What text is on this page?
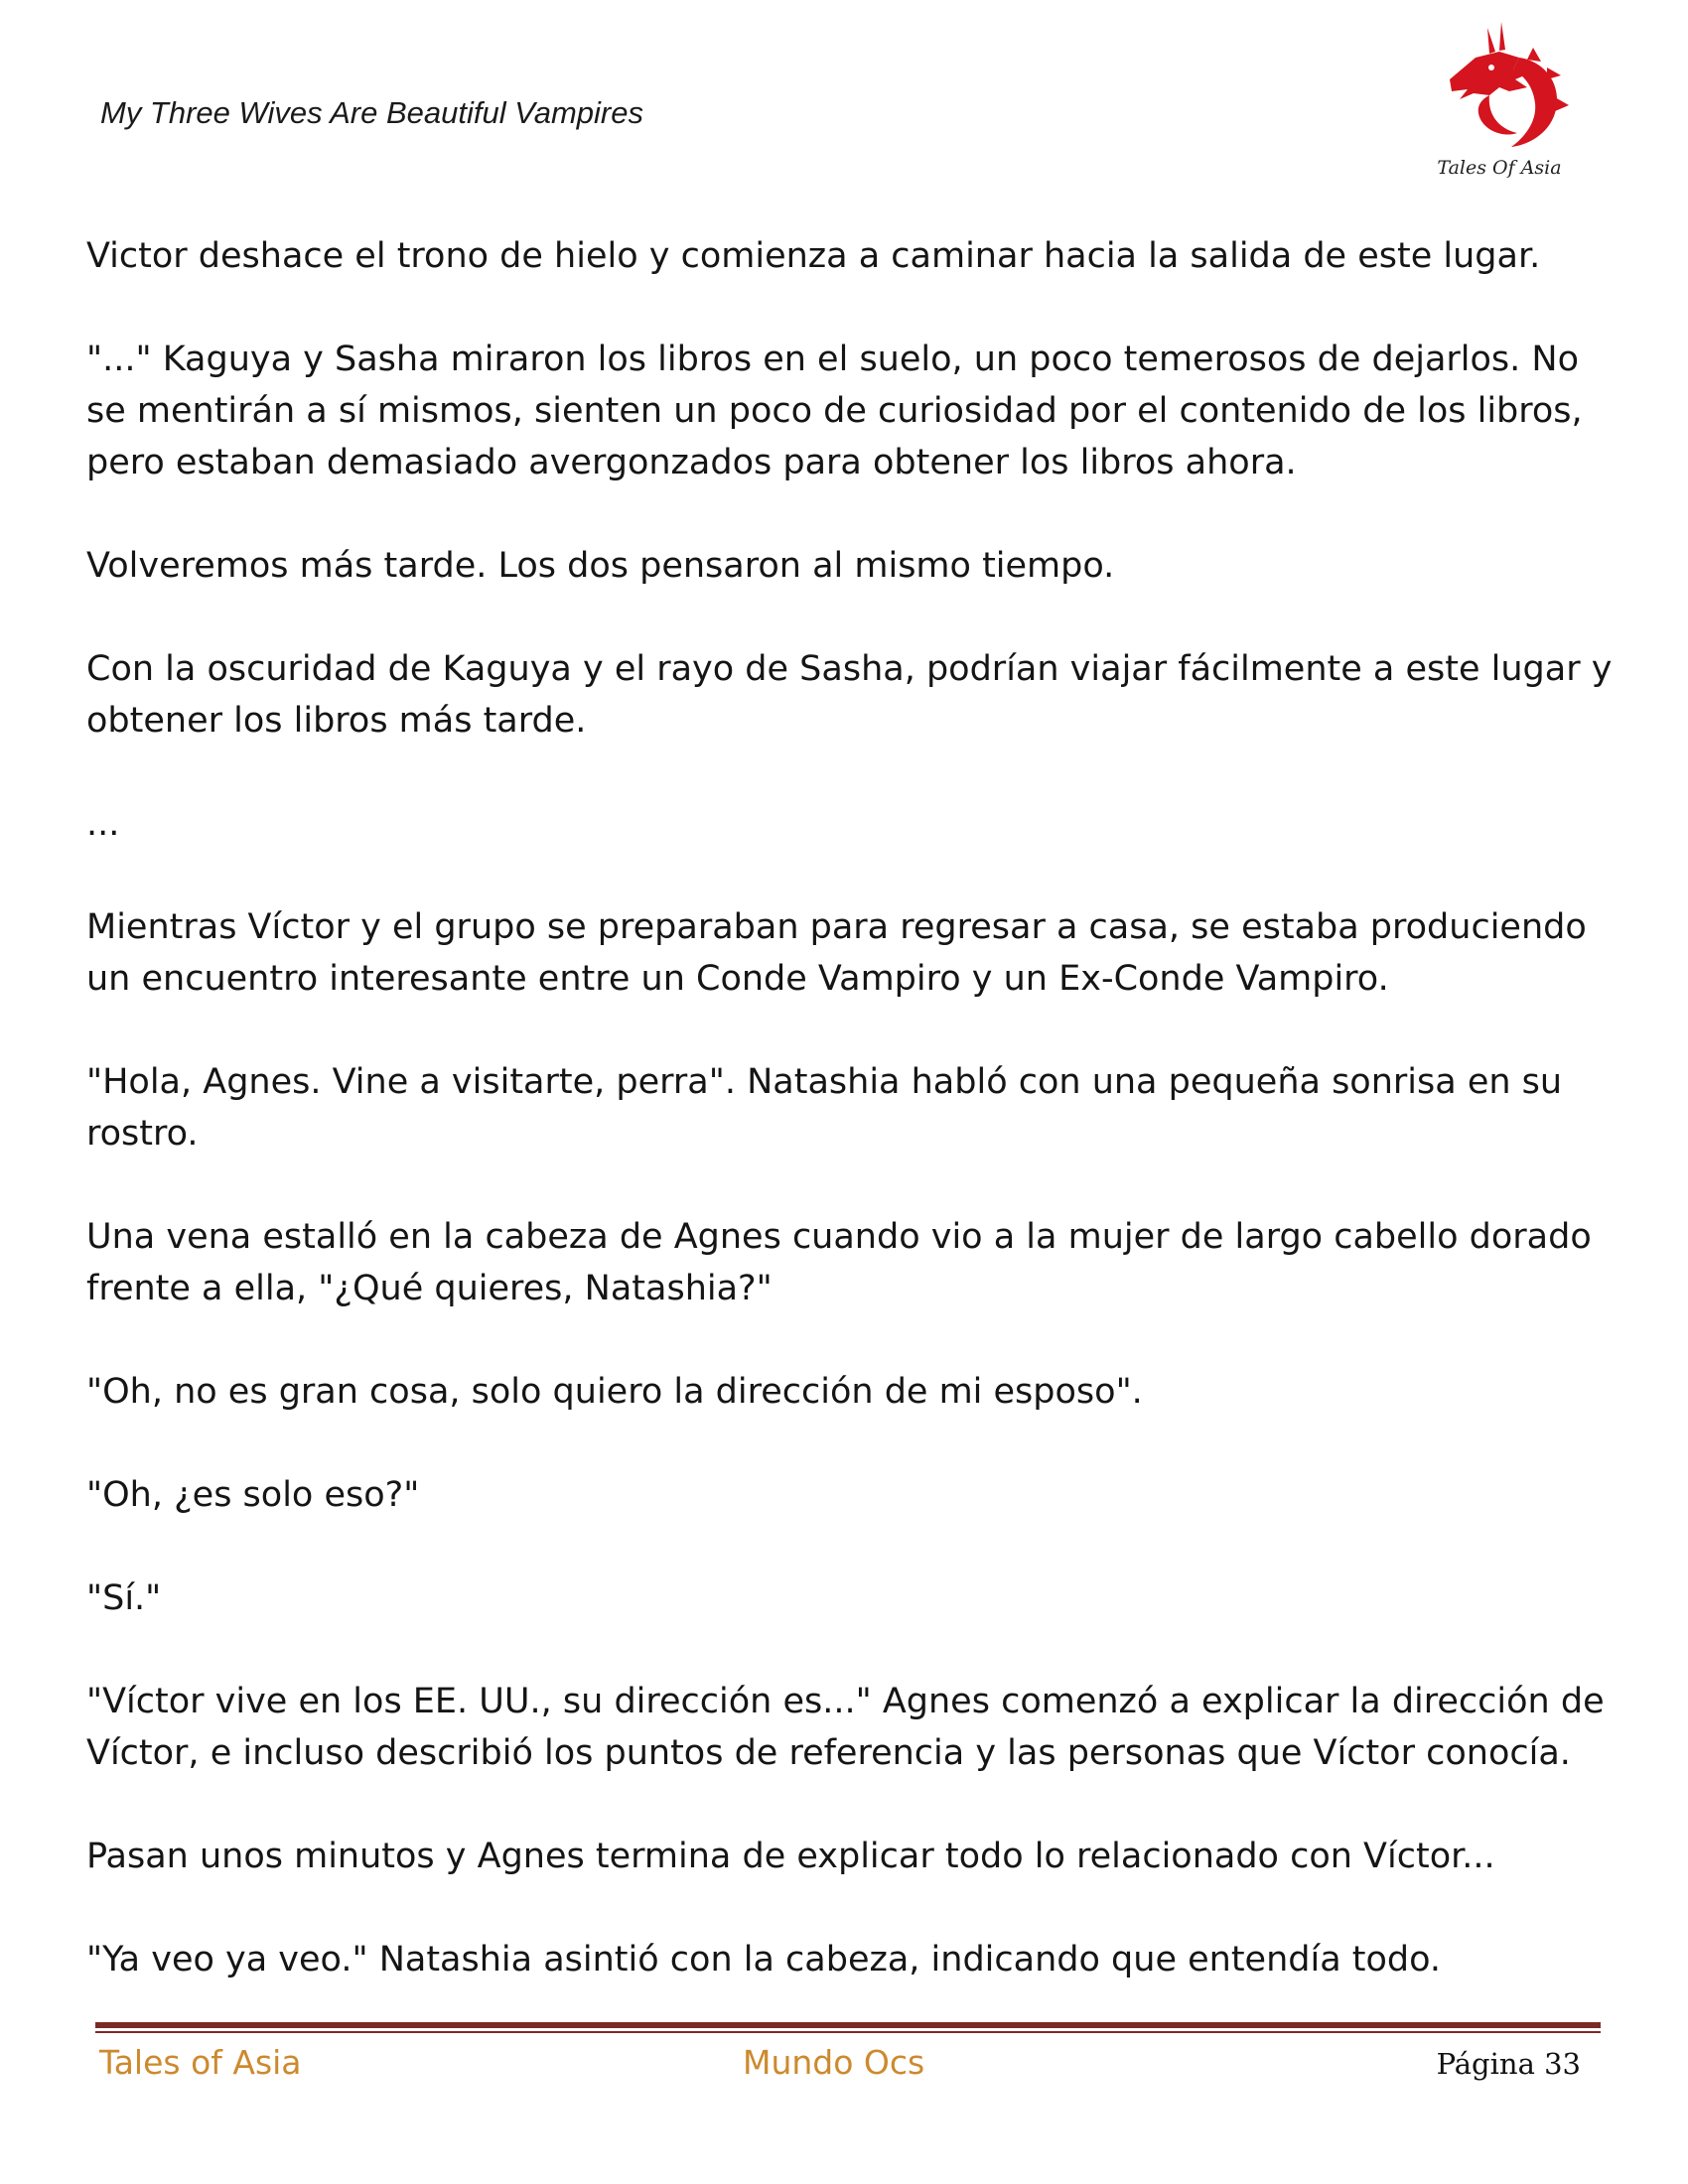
My Three Wives Are Beautiful Vampires
Tales Of Asia

Victor deshace el trono de hielo y comienza a caminar hacia la salida de este lugar.

"..." Kaguya y Sasha miraron los libros en el suelo, un poco temerosos de dejarlos. No se mentirán a sí mismos, sienten un poco de curiosidad por el contenido de los libros, pero estaban demasiado avergonzados para obtener los libros ahora.

Volveremos más tarde. Los dos pensaron al mismo tiempo.

Con la oscuridad de Kaguya y el rayo de Sasha, podrían viajar fácilmente a este lugar y obtener los libros más tarde.

...

Mientras Víctor y el grupo se preparaban para regresar a casa, se estaba produciendo un encuentro interesante entre un Conde Vampiro y un Ex-Conde Vampiro.

"Hola, Agnes. Vine a visitarte, perra". Natashia habló con una pequeña sonrisa en su rostro.

Una vena estalló en la cabeza de Agnes cuando vio a la mujer de largo cabello dorado frente a ella, "¿Qué quieres, Natashia?"

"Oh, no es gran cosa, solo quiero la dirección de mi esposo".

"Oh, ¿es solo eso?"

"Sí."

"Víctor vive en los EE. UU., su dirección es..." Agnes comenzó a explicar la dirección de Víctor, e incluso describió los puntos de referencia y las personas que Víctor conocía.

Pasan unos minutos y Agnes termina de explicar todo lo relacionado con Víctor...

"Ya veo ya veo." Natashia asintió con la cabeza, indicando que entendía todo.

Tales of Asia	Mundo Ocs	Página 33
